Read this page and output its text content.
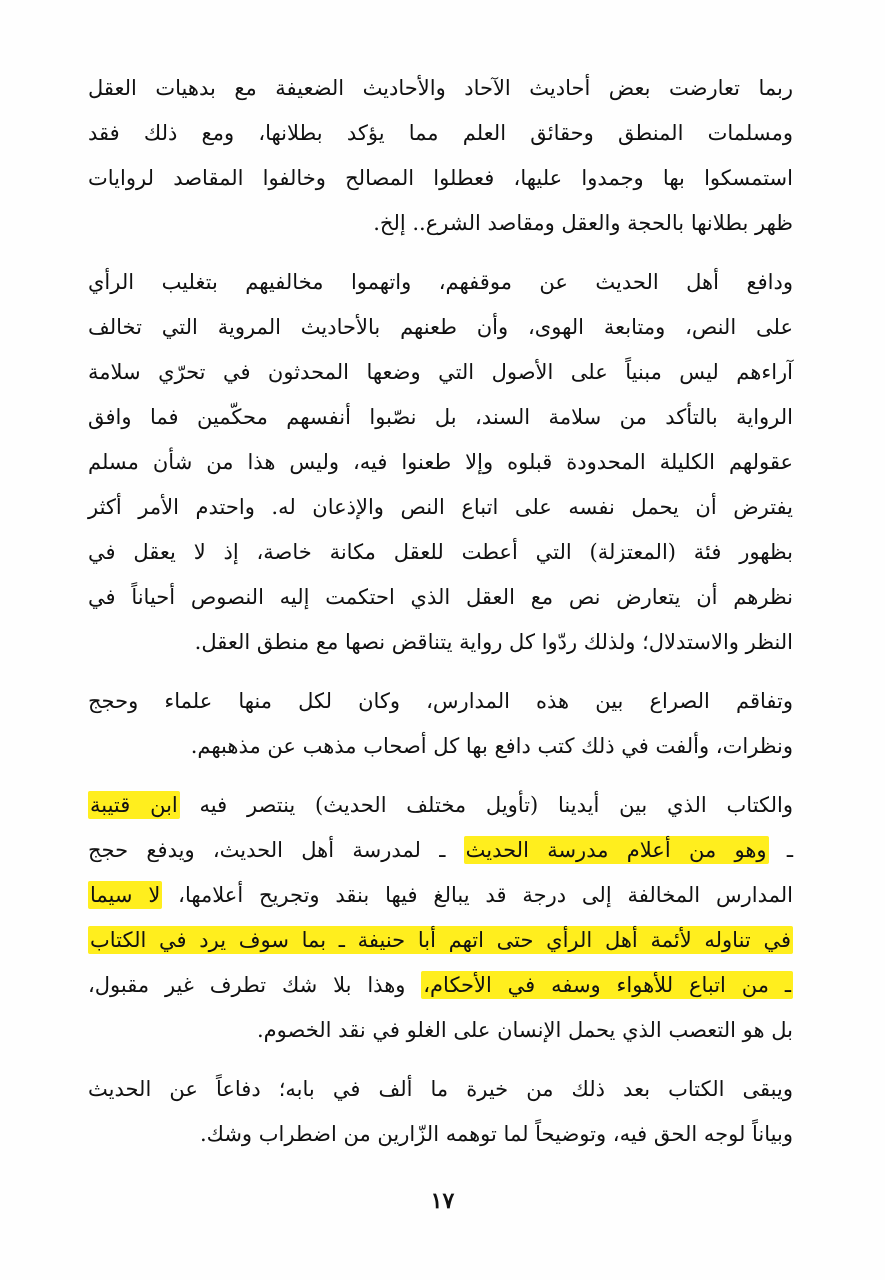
ربما تعارضت بعض أحاديث الآحاد والأحاديث الضعيفة مع بدهيات العقل
ومسلمات المنطق وحقائق العلم مما يؤكد بطلانها، ومع ذلك فقد
استمسكوا بها وجمدوا عليها، فعطلوا المصالح وخالفوا المقاصد لروايات
ظهر بطلانها بالحجة والعقل ومقاصد الشرع.. إلخ.
ودافع أهل الحديث عن موقفهم، واتهموا مخالفيهم بتغليب الرأي
على النص، ومتابعة الهوى، وأن طعنهم بالأحاديث المروية التي تخالف
آراءهم ليس مبنياً على الأصول التي وضعها المحدثون في تحرّي سلامة
الرواية بالتأكد من سلامة السند، بل نصّبوا أنفسهم محكّمين فما وافق
عقولهم الكليلة المحدودة قبلوه وإلا طعنوا فيه، وليس هذا من شأن مسلم
يفترض أن يحمل نفسه على اتباع النص والإذعان له. واحتدم الأمر أكثر
بظهور فئة (المعتزلة) التي أعطت للعقل مكانة خاصة، إذ لا يعقل في
نظرهم أن يتعارض نص مع العقل الذي احتكمت إليه النصوص أحياناً في
النظر والاستدلال؛ ولذلك ردّوا كل رواية يتناقض نصها مع منطق العقل.
وتفاقم الصراع بين هذه المدارس، وكان لكل منها علماء وحجج
ونظرات، وألفت في ذلك كتب دافع بها كل أصحاب مذهب عن مذهبهم.
والكتاب الذي بين أيدينا (تأويل مختلف الحديث) ينتصر فيه ابن قتيبة
ـ وهو من أعلام مدرسة الحديث ـ لمدرسة أهل الحديث، ويدفع حجج
المدارس المخالفة إلى درجة قد يبالغ فيها بنقد وتجريح أعلامها، لا سيما
في تناوله لأئمة أهل الرأي حتى اتهم أبا حنيفة ـ بما سوف يرد في الكتاب
ـ من اتباع للأهواء وسفه في الأحكام، وهذا بلا شك تطرف غير مقبول،
بل هو التعصب الذي يحمل الإنسان على الغلو في نقد الخصوم.
ويبقى الكتاب بعد ذلك من خيرة ما ألف في بابه؛ دفاعاً عن الحديث
وبياناً لوجه الحق فيه، وتوضيحاً لما توهمه الزّارين من اضطراب وشك.
١٧
